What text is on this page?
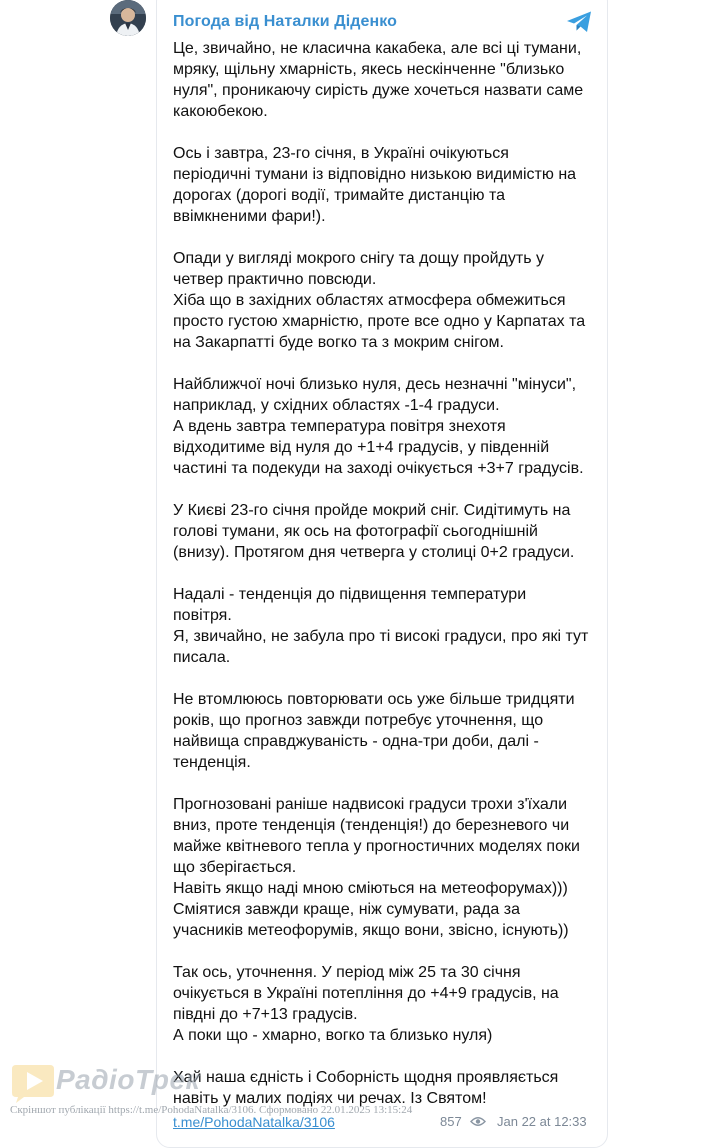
Погода від Наталки Діденко

Це, звичайно, не класична какабека, але всі ці тумани,
мряку, щільну хмарність, якесь нескінченне "близько
нуля", проникаючу сирість дуже хочеться назвати саме
какоюбекою.

Ось і завтра, 23-го січня, в Україні очікуються
періодичні тумани із відповідно низькою видимістю на
дорогах (дорогі водії, тримайте дистанцію та
ввімкненими фари!).

Опади у вигляді мокрого снігу та дощу пройдуть у
четвер практично повсюди.
Хіба що в західних областях атмосфера обмежиться
просто густою хмарністю, проте все одно у Карпатах та
на Закарпатті буде вогко та з мокрим снігом.

Найближчої ночі близько нуля, десь незначні "мінуси",
наприклад, у східних областях -1-4 градуси.
А вдень завтра температура повітря знехотя
відходитиме від нуля до +1+4 градусів, у південній
частині та подекуди на заході очікується +3+7 градусів.

У Києві 23-го січня пройде мокрий сніг. Сидітимуть на
голові тумани, як ось на фотографії сьогоднішній
(внизу). Протягом дня четверга у столиці 0+2 градуси.

Надалі - тенденція до підвищення температури
повітря.
Я, звичайно, не забула про ті високі градуси, про які тут
писала.

Не втомлююсь повторювати ось уже більше тридцяти
років, що прогноз завжди потребує уточнення, що
найвища справджуваність - одна-три доби, далі -
тенденція.

Прогнозовані раніше надвисокі градуси трохи з'їхали
вниз, проте тенденція (тенденція!) до березневого чи
майже квітневого тепла у прогностичних моделях поки
що зберігається.
Навіть якщо наді мною сміються на метеофорумах)))
Сміятися завжди краще, ніж сумувати, рада за
учасників метеофорумів, якщо вони, звісно, існують))

Так ось, уточнення. У період між 25 та 30 січня
очікується в Україні потепління до +4+9 градусів, на
півдні до +7+13 градусів.
А поки що - хмарно, вогко та близько нуля)

Хай наша єдність і Соборність щодня проявляється
навіть у малих подіях чи речах. Із Святом!

t.me/PohodaNatalka/3106	857	Jan 22 at 12:33
РадіоТрек
Скріншот публікації https://t.me/PohodaNatalka/3106. Сформовано 22.01.2025 13:15:24
